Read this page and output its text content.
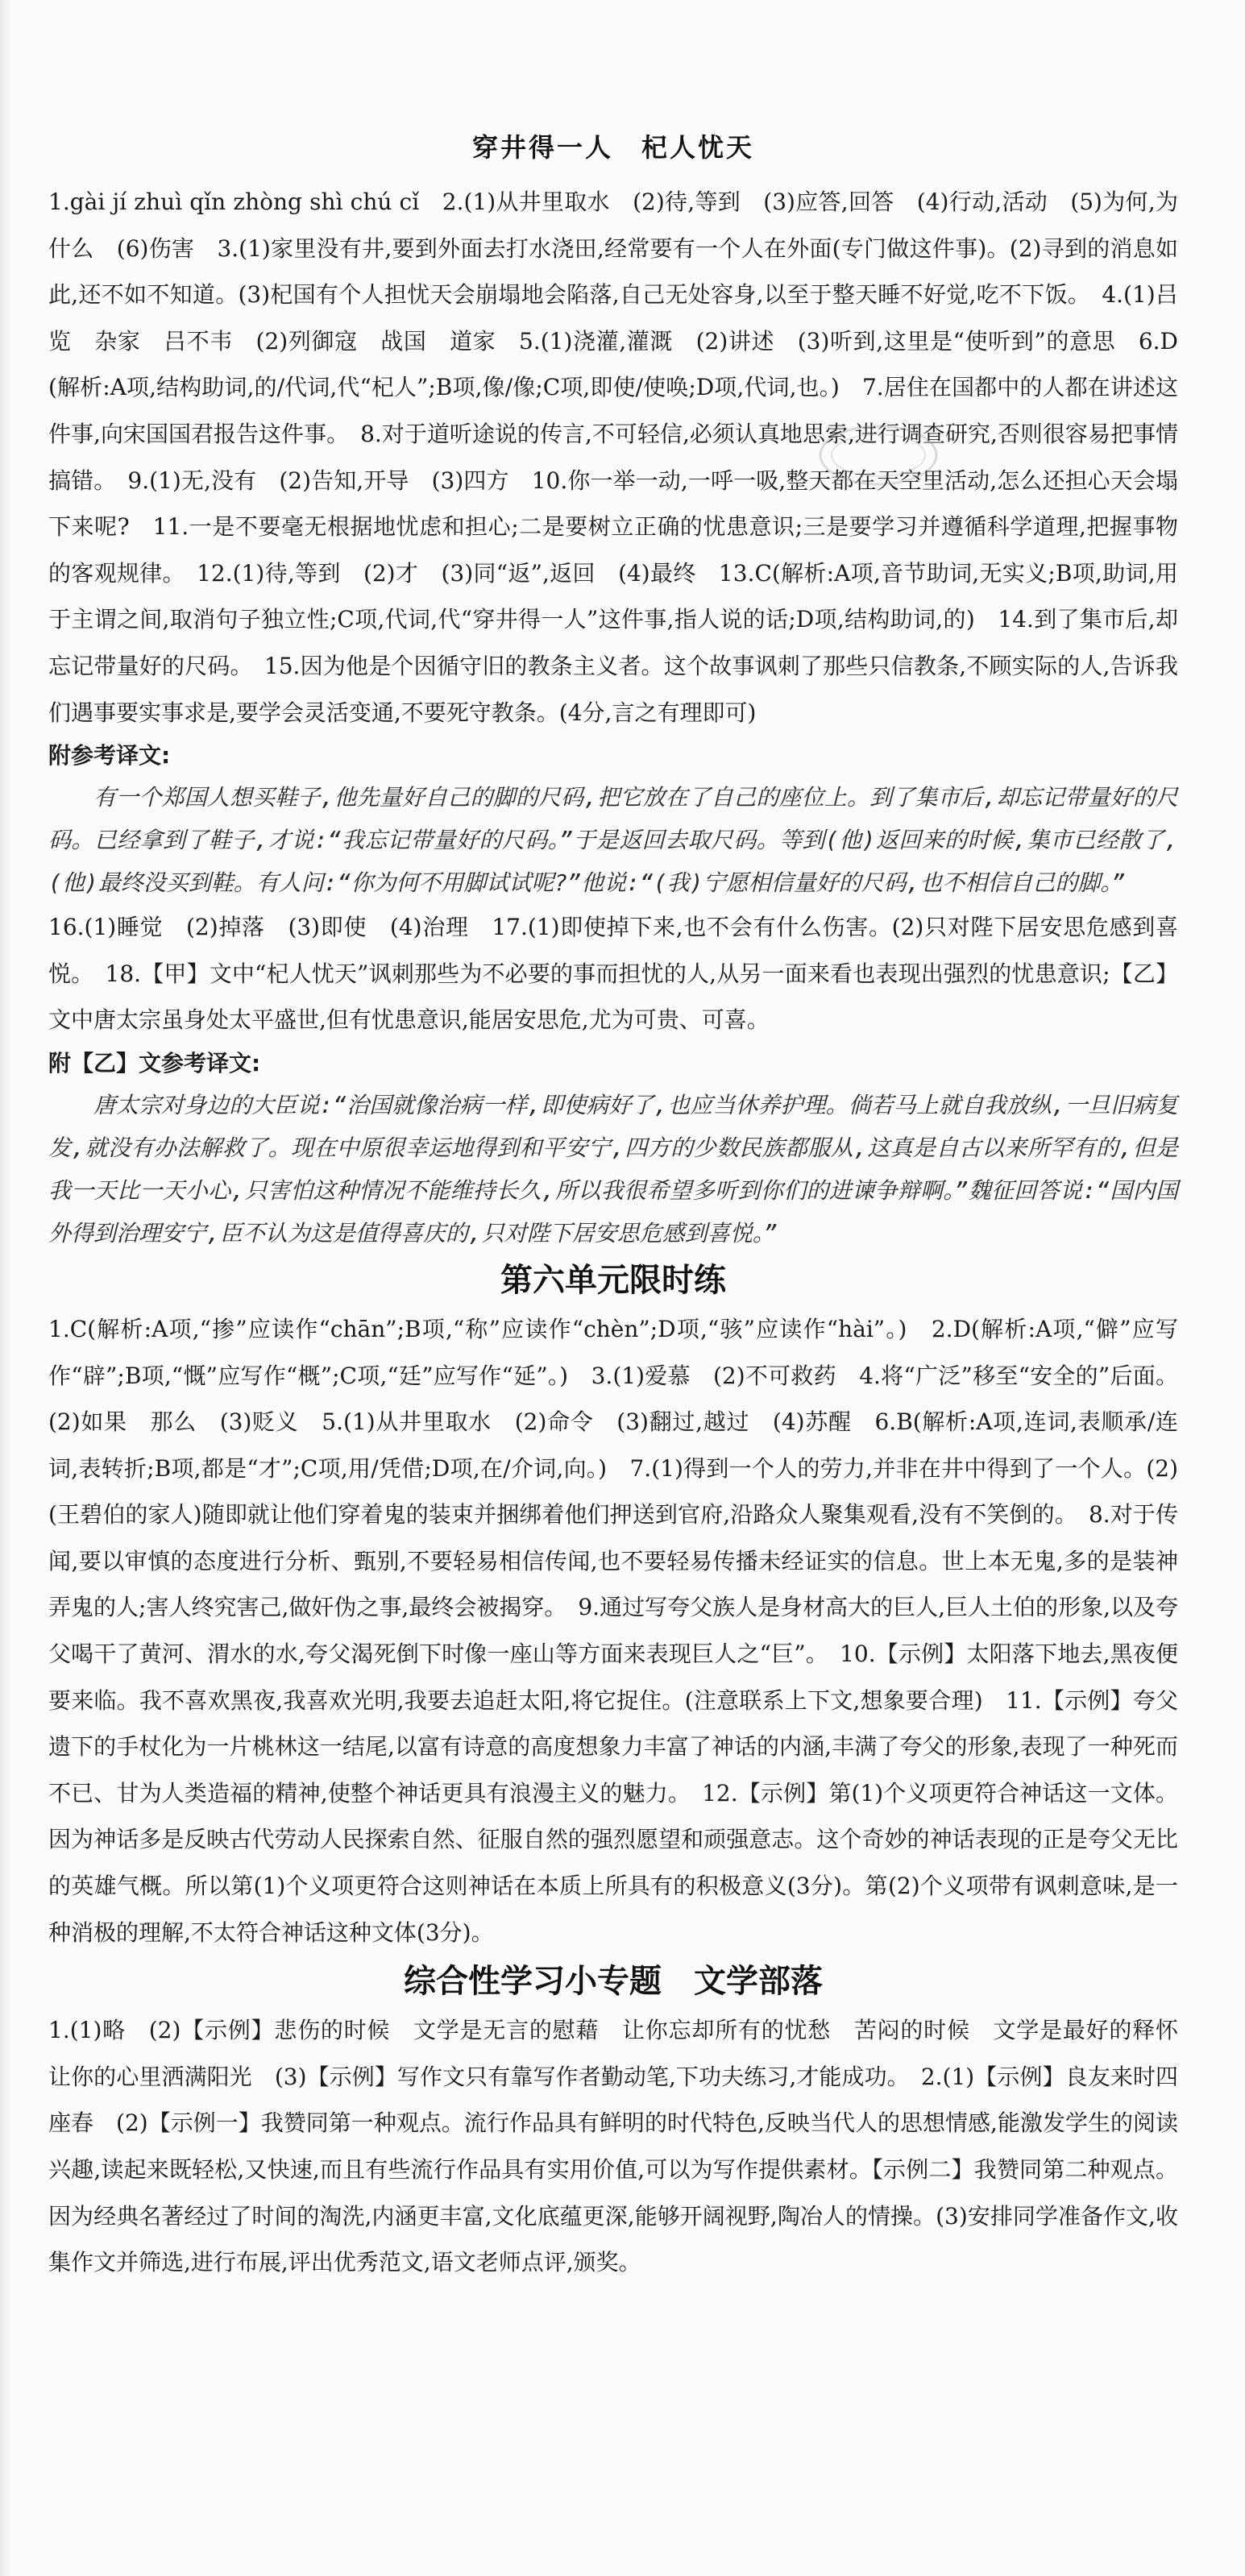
穿井得一人　杞人忧天

1.gài jí zhuì qǐn zhòng shì chú cǐ　2.(1)从井里取水　(2)待,等到　(3)应答,回答　(4)行动,活动　(5)为何,为什么　(6)伤害　3.(1)家里没有井,要到外面去打水浇田,经常要有一个人在外面(专门做这件事)。(2)寻到的消息如此,还不如不知道。(3)杞国有个人担忧天会崩塌地会陷落,自己无处容身,以至于整天睡不好觉,吃不下饭。　4.(1)吕览　杂家　吕不韦　(2)列御寇　战国　道家　5.(1)浇灌,灌溉　(2)讲述　(3)听到,这里是“使听到”的意思　6.D(解析:A项,结构助词,的/代词,代“杞人”;B项,像/像;C项,即使/使唤;D项,代词,也。)　7.居住在国都中的人都在讲述这件事,向宋国国君报告这件事。　8.对于道听途说的传言,不可轻信,必须认真地思索,进行调查研究,否则很容易把事情搞错。　9.(1)无,没有　(2)告知,开导　(3)四方　10.你一举一动,一呼一吸,整天都在天空里活动,怎么还担心天会塌下来呢?　11.一是不要毫无根据地忧虑和担心;二是要树立正确的忧患意识;三是要学习并遵循科学道理,把握事物的客观规律。　12.(1)待,等到　(2)才　(3)同“返”,返回　(4)最终　13.C(解析:A项,音节助词,无实义;B项,助词,用于主谓之间,取消句子独立性;C项,代词,代“穿井得一人”这件事,指人说的话;D项,结构助词,的)　14.到了集市后,却忘记带量好的尺码。　15.因为他是个因循守旧的教条主义者。这个故事讽刺了那些只信教条,不顾实际的人,告诉我们遇事要实事求是,要学会灵活变通,不要死守教条。(4分,言之有理即可)

附参考译文:

有一个郑国人想买鞋子,他先量好自己的脚的尺码,把它放在了自己的座位上。到了集市后,却忘记带量好的尺码。已经拿到了鞋子,才说:“我忘记带量好的尺码。”于是返回去取尺码。等到(他)返回来的时候,集市已经散了,(他)最终没买到鞋。有人问:“你为何不用脚试试呢?”他说:“(我)宁愿相信量好的尺码,也不相信自己的脚。”

16.(1)睡觉　(2)掉落　(3)即使　(4)治理　17.(1)即使掉下来,也不会有什么伤害。(2)只对陛下居安思危感到喜悦。　18.【甲】文中“杞人忧天”讽刺那些为不必要的事而担忧的人,从另一面来看也表现出强烈的忧患意识;【乙】文中唐太宗虽身处太平盛世,但有忧患意识,能居安思危,尤为可贵、可喜。

附【乙】文参考译文:

唐太宗对身边的大臣说:“治国就像治病一样,即使病好了,也应当休养护理。倘若马上就自我放纵,一旦旧病复发,就没有办法解救了。现在中原很幸运地得到和平安宁,四方的少数民族都服从,这真是自古以来所罕有的,但是我一天比一天小心,只害怕这种情况不能维持长久,所以我很希望多听到你们的进谏争辩啊。”魏征回答说:“国内国外得到治理安宁,臣不认为这是值得喜庆的,只对陛下居安思危感到喜悦。”

第六单元限时练

1.C(解析:A项,“掺”应读作“chān”;B项,“称”应读作“chèn”;D项,“骇”应读作“hài”。)　2.D(解析:A项,“僻”应写作“辟”;B项,“慨”应写作“概”;C项,“廷”应写作“延”。)　3.(1)爱慕　(2)不可救药　4.将“广泛”移至“安全的”后面。(2)如果　那么　(3)贬义　5.(1)从井里取水　(2)命令　(3)翻过,越过　(4)苏醒　6.B(解析:A项,连词,表顺承/连词,表转折;B项,都是“才”;C项,用/凭借;D项,在/介词,向。)　7.(1)得到一个人的劳力,并非在井中得到了一个人。(2)(王碧伯的家人)随即就让他们穿着鬼的装束并捆绑着他们押送到官府,沿路众人聚集观看,没有不笑倒的。　8.对于传闻,要以审慎的态度进行分析、甄别,不要轻易相信传闻,也不要轻易传播未经证实的信息。世上本无鬼,多的是装神弄鬼的人;害人终究害己,做奸伪之事,最终会被揭穿。　9.通过写夸父族人是身材高大的巨人,巨人土伯的形象,以及夸父喝干了黄河、渭水的水,夸父渴死倒下时像一座山等方面来表现巨人之“巨”。　10.【示例】太阳落下地去,黑夜便要来临。我不喜欢黑夜,我喜欢光明,我要去追赶太阳,将它捉住。(注意联系上下文,想象要合理)　11.【示例】夸父遗下的手杖化为一片桃林这一结尾,以富有诗意的高度想象力丰富了神话的内涵,丰满了夸父的形象,表现了一种死而不已、甘为人类造福的精神,使整个神话更具有浪漫主义的魅力。　12.【示例】第(1)个义项更符合神话这一文体。因为神话多是反映古代劳动人民探索自然、征服自然的强烈愿望和顽强意志。这个奇妙的神话表现的正是夸父无比的英雄气概。所以第(1)个义项更符合这则神话在本质上所具有的积极意义(3分)。第(2)个义项带有讽刺意味,是一种消极的理解,不太符合神话这种文体(3分)。

综合性学习小专题　文学部落

1.(1)略　(2)【示例】悲伤的时候　文学是无言的慰藉　让你忘却所有的忧愁　苦闷的时候　文学是最好的释怀　让你的心里洒满阳光　(3)【示例】写作文只有靠写作者勤动笔,下功夫练习,才能成功。　2.(1)【示例】良友来时四座春　(2)【示例一】我赞同第一种观点。流行作品具有鲜明的时代特色,反映当代人的思想情感,能激发学生的阅读兴趣,读起来既轻松,又快速,而且有些流行作品具有实用价值,可以为写作提供素材。【示例二】我赞同第二种观点。因为经典名著经过了时间的淘洗,内涵更丰富,文化底蕴更深,能够开阔视野,陶冶人的情操。(3)安排同学准备作文,收集作文并筛选,进行布展,评出优秀范文,语文老师点评,颁奖。
